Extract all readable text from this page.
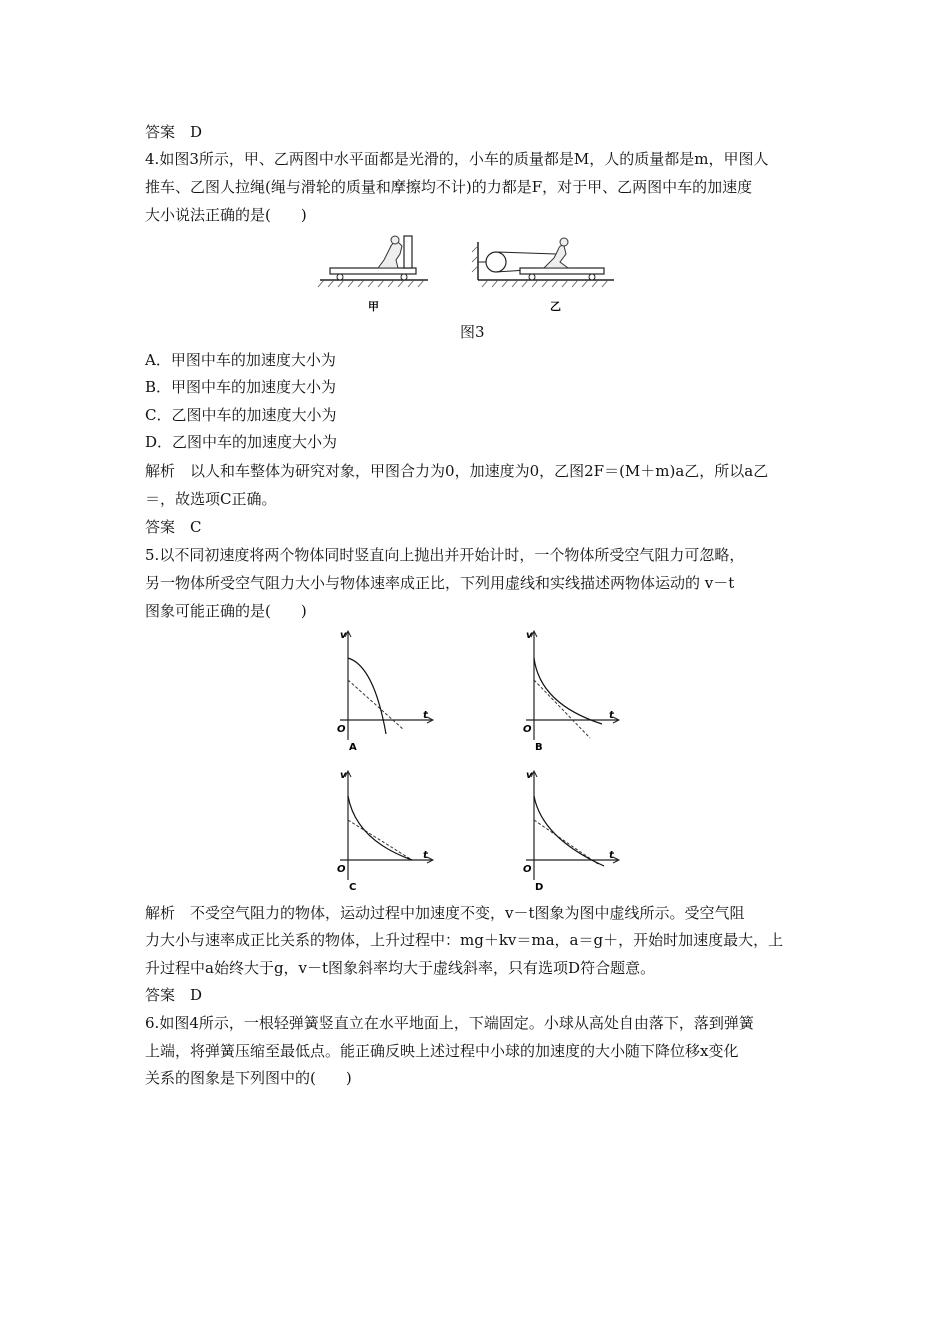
答案　 D
4.如图3所示，甲、乙两图中水平面都是光滑的，小车的质量都是M，人的质量都是m，甲图人
推车、乙图人拉绳(绳与滑轮的质量和摩擦均不计)的力都是F，对于甲、乙两图中车的加速度
大小说法正确的是(　　)
甲	乙
图3
A．甲图中车的加速度大小为
B．甲图中车的加速度大小为
C．乙图中车的加速度大小为
D．乙图中车的加速度大小为
解析　 以人和车整体为研究对象，甲图合力为0，加速度为0，乙图2F＝(M＋m)a乙，所以a乙
＝，故选项C正确。
答案　 C
5.以不同初速度将两个物体同时竖直向上抛出并开始计时，一个物体所受空气阻力可忽略，
另一物体所受空气阻力大小与物体速率成正比，下列用虚线和实线描述两物体运动的 v－t
图象可能正确的是(　　)
v
t
O
A
v
t
O
B
v
t
O
C
v
t
O
D
解析　 不受空气阻力的物体，运动过程中加速度不变，v－t图象为图中虚线所示。受空气阻
力大小与速率成正比关系的物体，上升过程中：mg＋kv＝ma，a＝g＋，开始时加速度最大，上
升过程中a始终大于g，v－t图象斜率均大于虚线斜率，只有选项D符合题意。
答案　 D
6.如图4所示，一根轻弹簧竖直立在水平地面上，下端固定。小球从高处自由落下，落到弹簧
上端，将弹簧压缩至最低点。能正确反映上述过程中小球的加速度的大小随下降位移x变化
关系的图象是下列图中的(　　)
